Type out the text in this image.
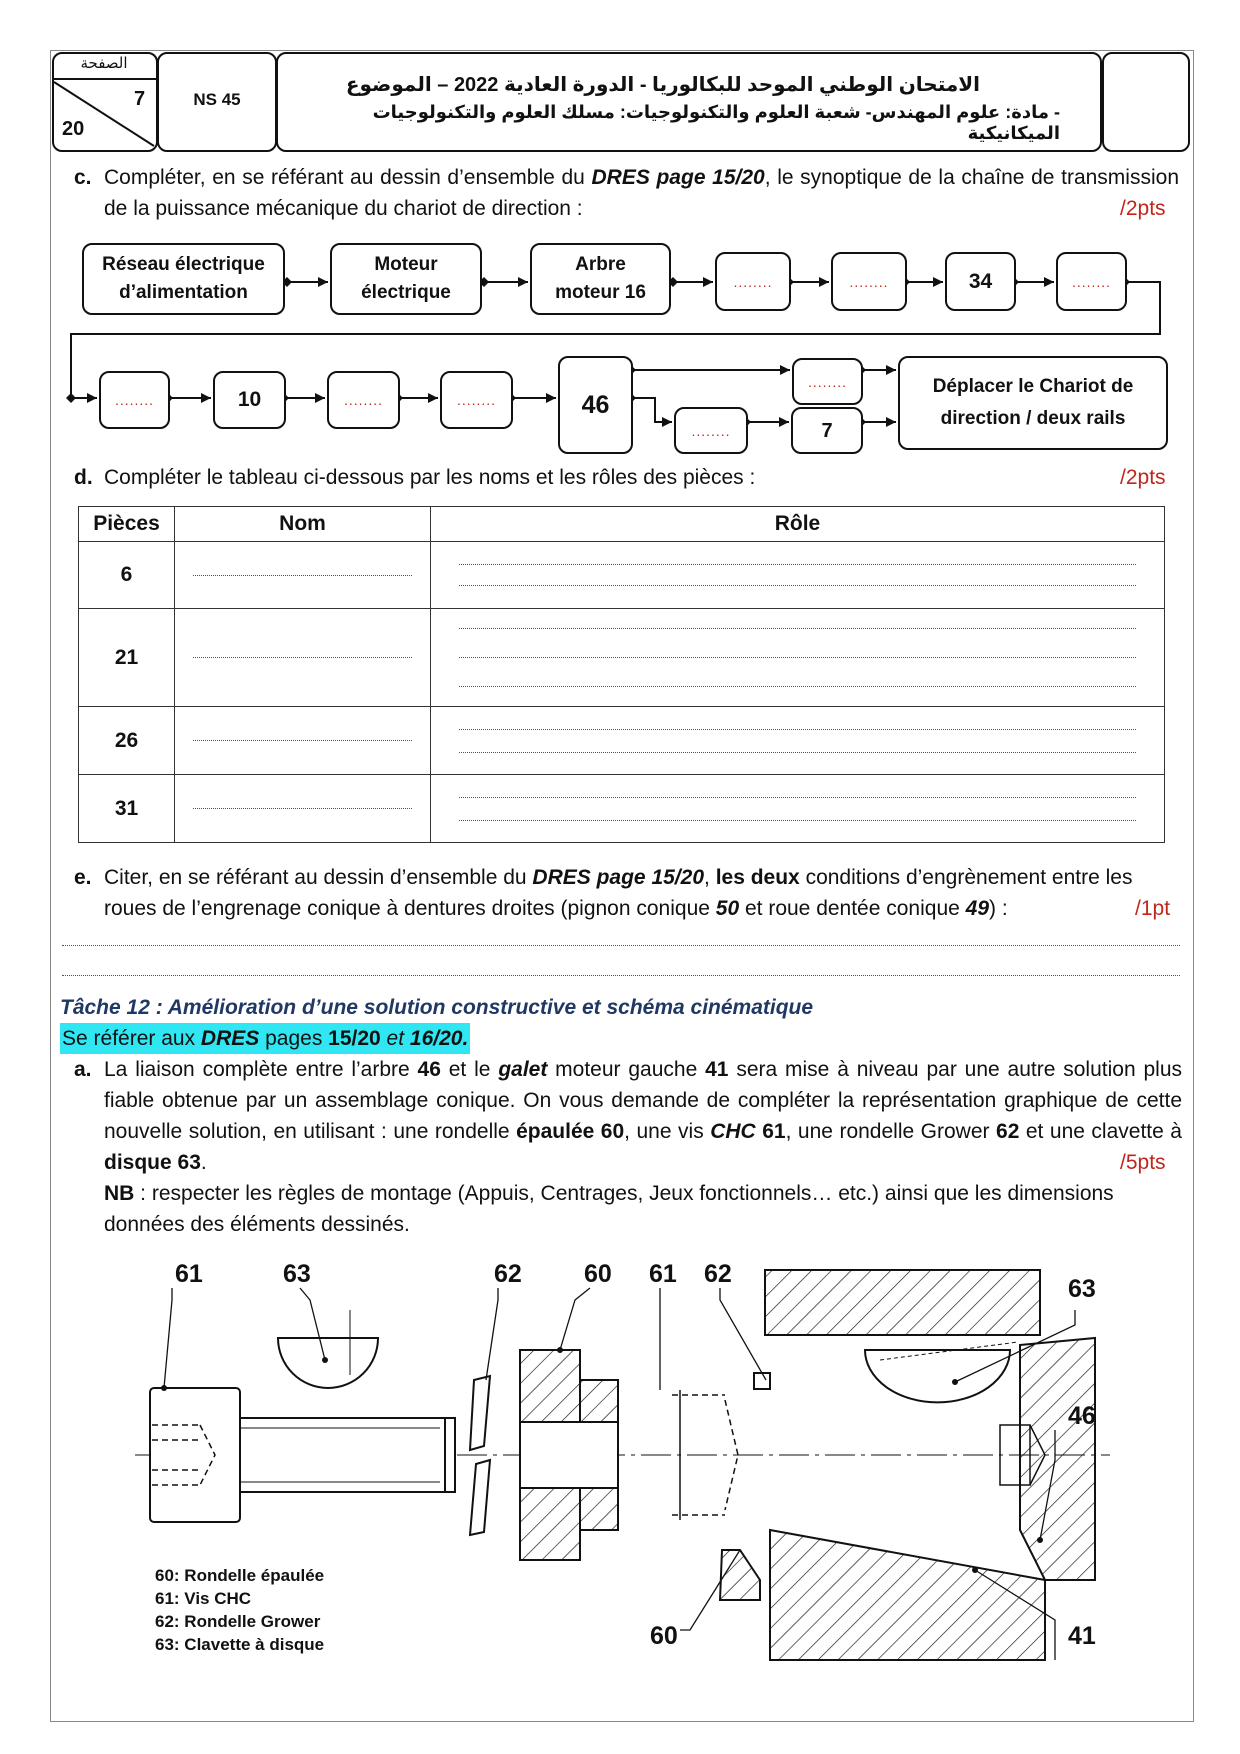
الصفحة
7
20
NS 45
الامتحان الوطني الموحد للبكالوريا - الدورة العادية 2022 – الموضوع
- مادة: علوم المهندس- شعبة العلوم والتكنولوجيات: مسلك العلوم والتكنولوجيات الميكانيكية
c. Compléter, en se référant au dessin d’ensemble du DRES page 15/20, le synoptique de la chaîne de transmission de la puissance mécanique du chariot de direction :	/2pts
Réseau électrique d’alimentation
Moteur électrique
Arbre moteur 16
........	........	34	........
........	10	........	........	46
........
........	7
Déplacer le Chariot de direction / deux rails
d. Compléter le tableau ci-dessous par les noms et les rôles des pièces :	/2pts
Pièces	Nom	Rôle
6	

21	

26	

31	

e. Citer, en se référant au dessin d’ensemble du DRES page 15/20, les deux conditions d’engrènement entre les roues de l’engrenage conique à dentures droites (pignon conique 50 et roue dentée conique 49) :	/1pt
Tâche 12 : Amélioration d’une solution constructive et schéma cinématique
Se référer aux DRES pages 15/20 et 16/20.
a. La liaison complète entre l’arbre 46 et le galet moteur gauche 41 sera mise à niveau par une autre solution plus fiable obtenue par un assemblage conique. On vous demande de compléter la représentation graphique de cette nouvelle solution, en utilisant : une rondelle épaulée 60, une vis CHC 61, une rondelle Grower 62 et une clavette à disque 63.	/5pts
NB : respecter les règles de montage (Appuis, Centrages, Jeux fonctionnels… etc.) ainsi que les dimensions données des éléments dessinés.
61	63	62 60 61 62
63
46
41
60
60: Rondelle épaulée
61: Vis CHC
62: Rondelle Grower
63: Clavette à disque
